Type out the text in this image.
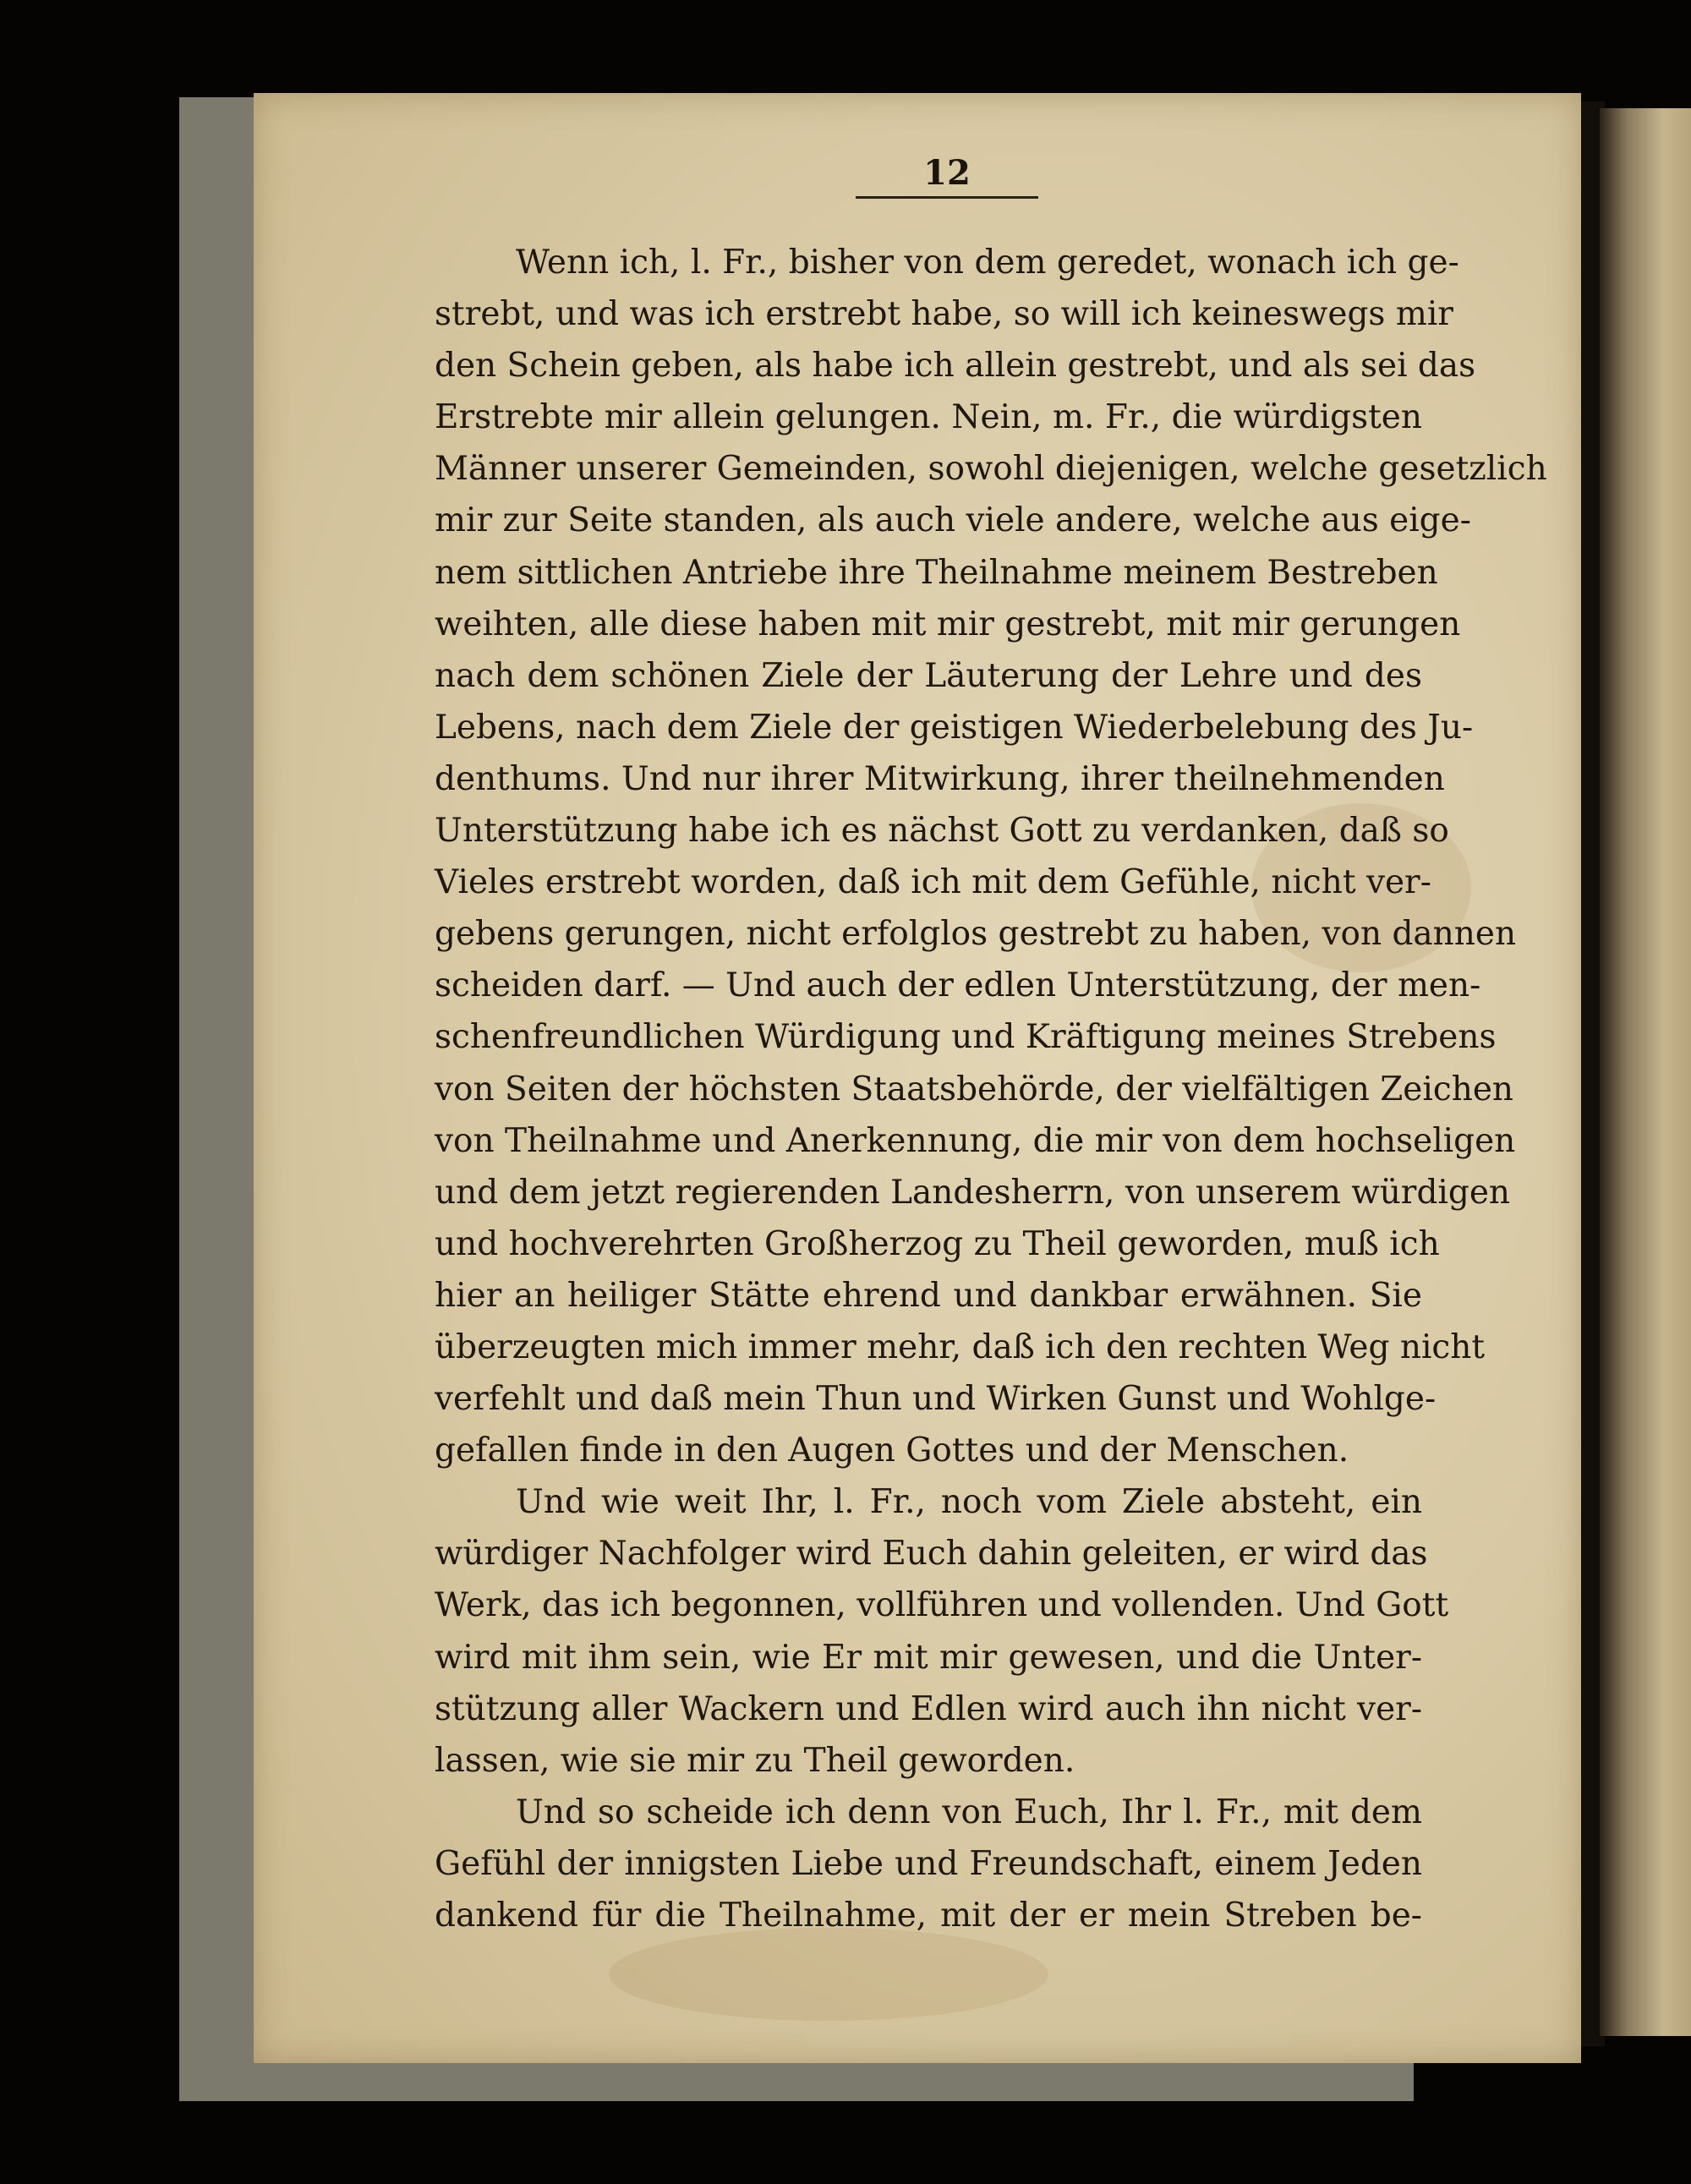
12
Wenn ich, l. Fr., bisher von dem geredet, wonach ich ge-
strebt, und was ich erstrebt habe, so will ich keineswegs mir
den Schein geben, als habe ich allein gestrebt, und als sei das
Erstrebte mir allein gelungen. Nein, m. Fr., die würdigsten
Männer unserer Gemeinden, sowohl diejenigen, welche gesetzlich
mir zur Seite standen, als auch viele andere, welche aus eige-
nem sittlichen Antriebe ihre Theilnahme meinem Bestreben
weihten, alle diese haben mit mir gestrebt, mit mir gerungen
nach dem schönen Ziele der Läuterung der Lehre und des
Lebens, nach dem Ziele der geistigen Wiederbelebung des Ju-
denthums. Und nur ihrer Mitwirkung, ihrer theilnehmenden
Unterstützung habe ich es nächst Gott zu verdanken, daß so
Vieles erstrebt worden, daß ich mit dem Gefühle, nicht ver-
gebens gerungen, nicht erfolglos gestrebt zu haben, von dannen
scheiden darf. — Und auch der edlen Unterstützung, der men-
schenfreundlichen Würdigung und Kräftigung meines Strebens
von Seiten der höchsten Staatsbehörde, der vielfältigen Zeichen
von Theilnahme und Anerkennung, die mir von dem hochseligen
und dem jetzt regierenden Landesherrn, von unserem würdigen
und hochverehrten Großherzog zu Theil geworden, muß ich
hier an heiliger Stätte ehrend und dankbar erwähnen. Sie
überzeugten mich immer mehr, daß ich den rechten Weg nicht
verfehlt und daß mein Thun und Wirken Gunst und Wohlge-
gefallen finde in den Augen Gottes und der Menschen.
Und wie weit Ihr, l. Fr., noch vom Ziele absteht, ein
würdiger Nachfolger wird Euch dahin geleiten, er wird das
Werk, das ich begonnen, vollführen und vollenden. Und Gott
wird mit ihm sein, wie Er mit mir gewesen, und die Unter-
stützung aller Wackern und Edlen wird auch ihn nicht ver-
lassen, wie sie mir zu Theil geworden.
Und so scheide ich denn von Euch, Ihr l. Fr., mit dem
Gefühl der innigsten Liebe und Freundschaft, einem Jeden
dankend für die Theilnahme, mit der er mein Streben be-
